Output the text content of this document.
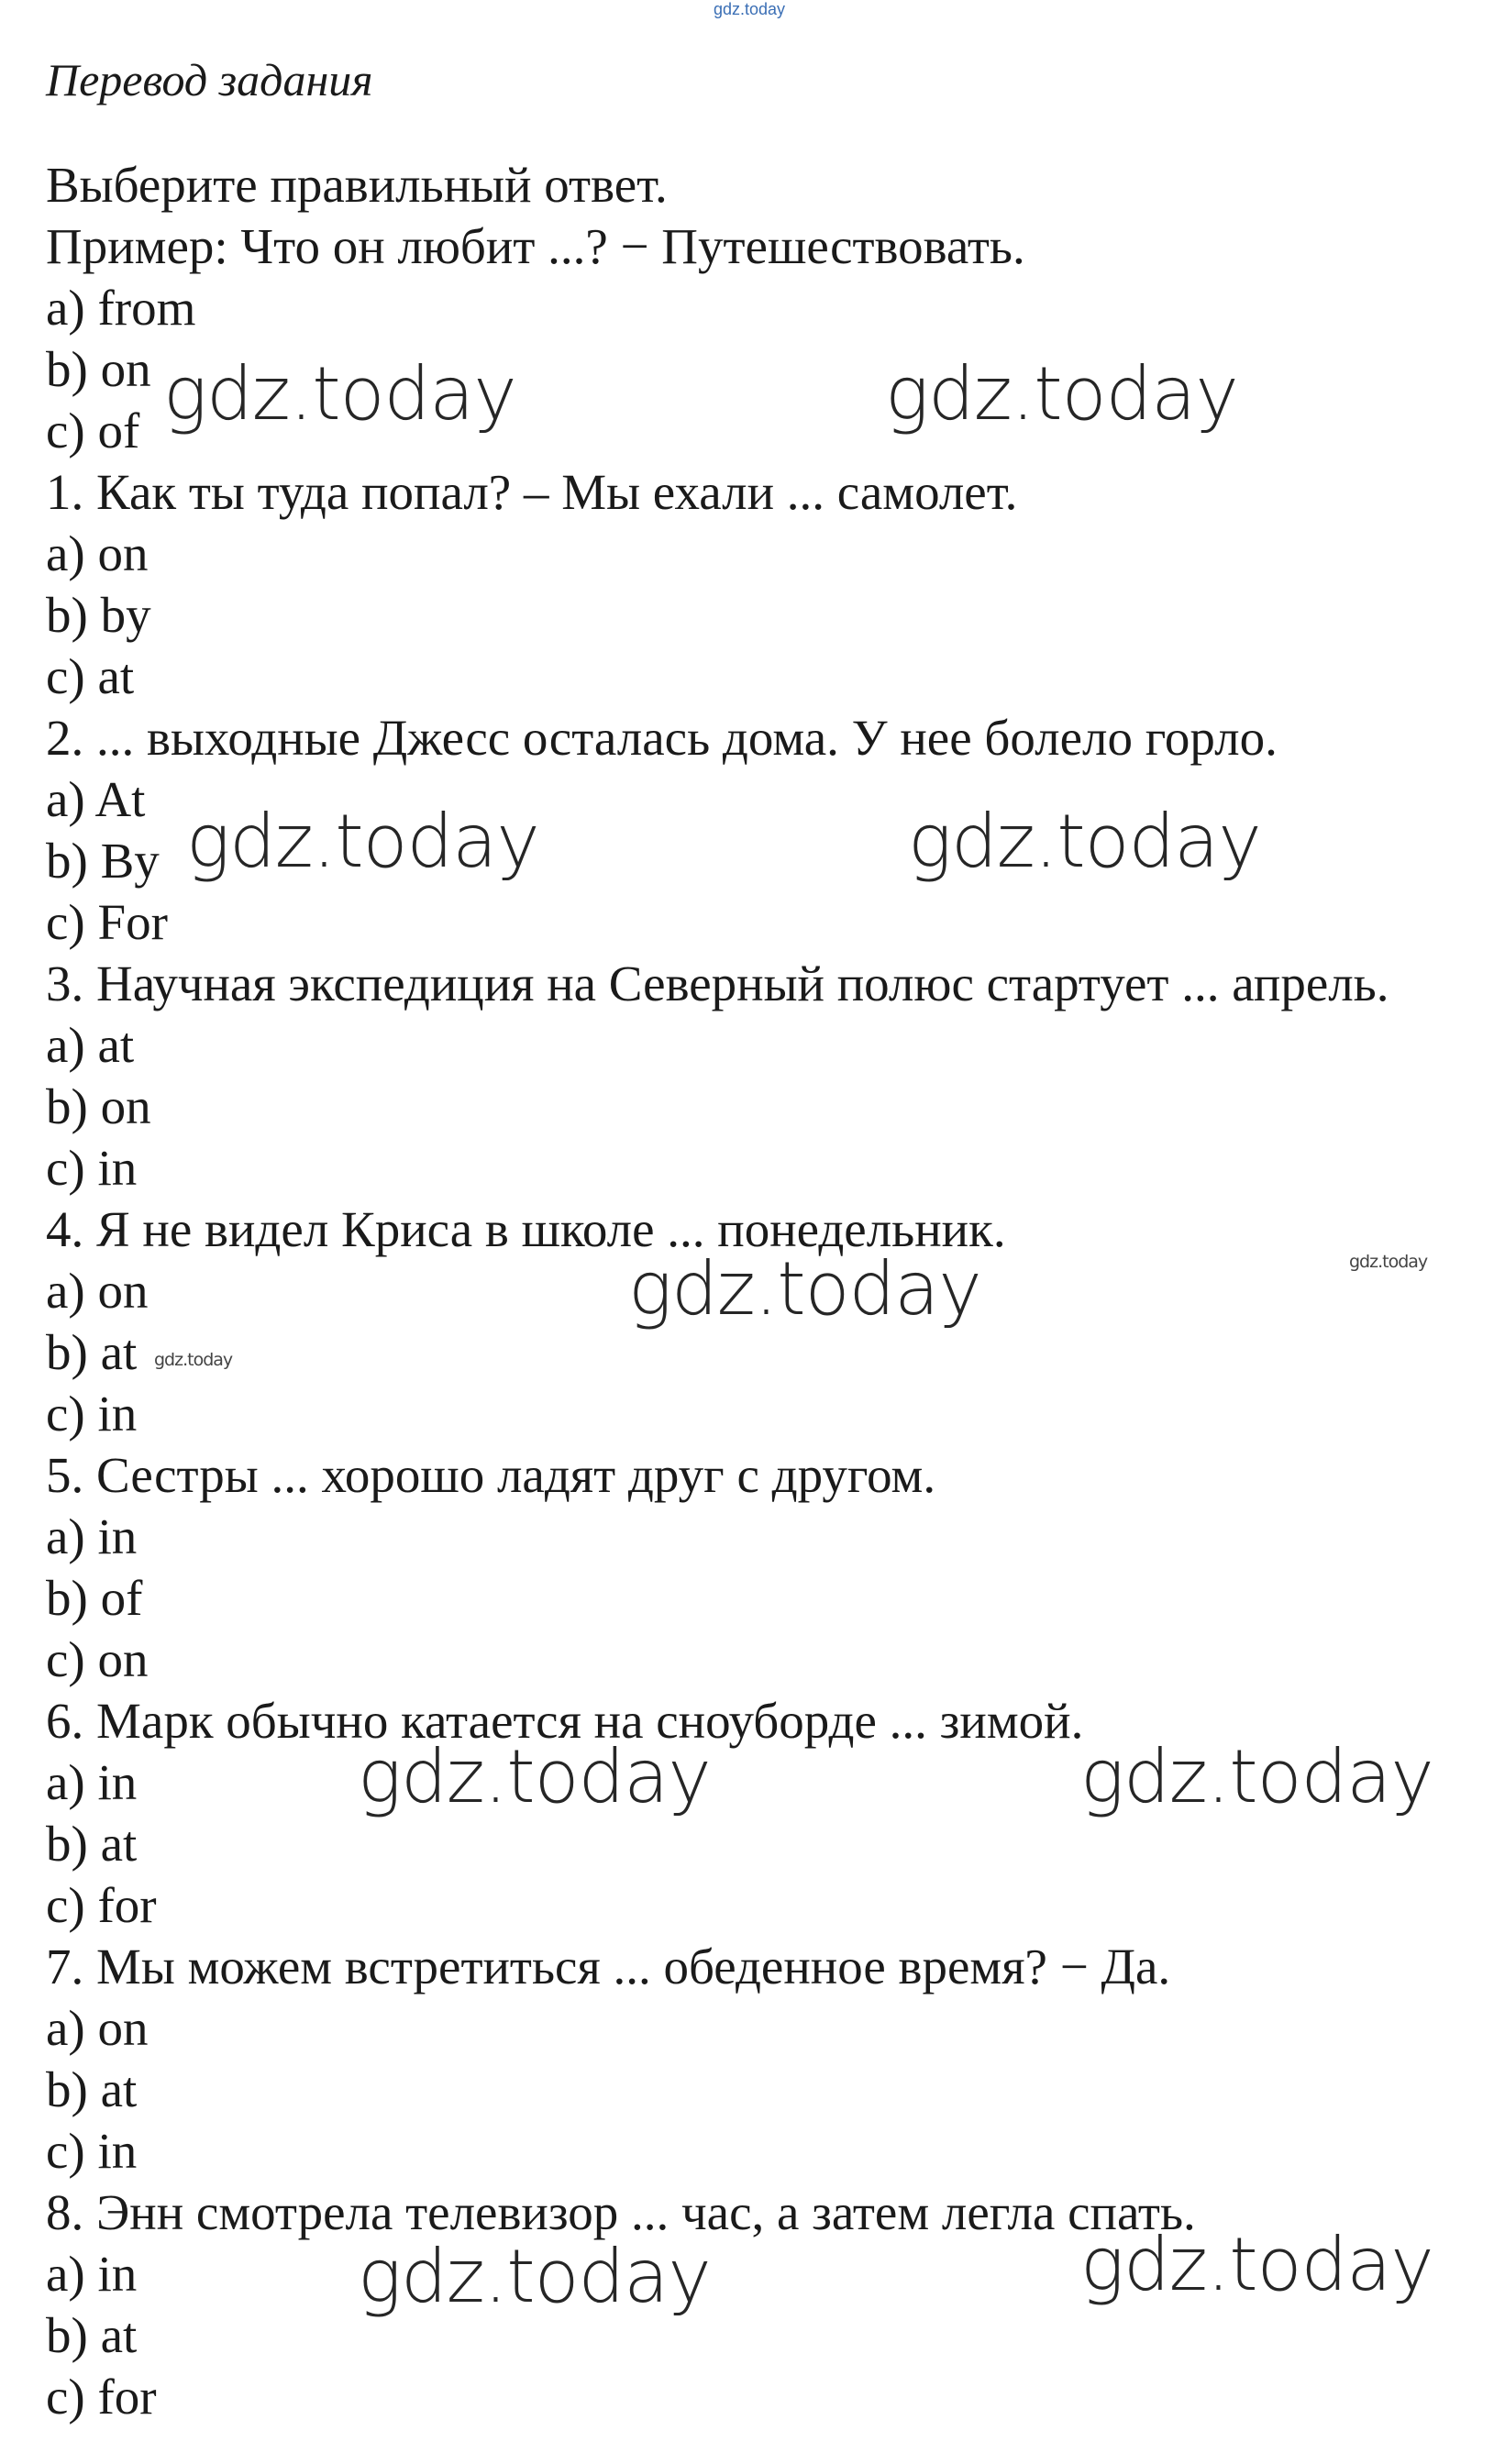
gdz.today
Перевод задания
Выберите правильный ответ.
Пример: Что он любит ...? − Путешествовать.
a) from
b) on
c) of
1. Как ты туда попал? – Мы ехали ... самолет.
a) on
b) by
c) at
2. ... выходные Джесс осталась дома. У нее болело горло.
a) At
b) By
c) For
3. Научная экспедиция на Северный полюс стартует ... апрель.
a) at
b) on
c) in
4. Я не видел Криса в школе ... понедельник.
a) on
b) at
c) in
5. Сестры ... хорошо ладят друг с другом.
a) in
b) of
c) on
6. Марк обычно катается на сноуборде ... зимой.
a) in
b) at
c) for
7. Мы можем встретиться ... обеденное время? − Да.
a) on
b) at
c) in
8. Энн смотрела телевизор ... час, а затем легла спать.
a) in
b) at
c) for
gdz.today	gdz.today
gdz.today	gdz.today
gdz.today	gdz.today
gdz.today
gdz.today	gdz.today
gdz.today	gdz.today
